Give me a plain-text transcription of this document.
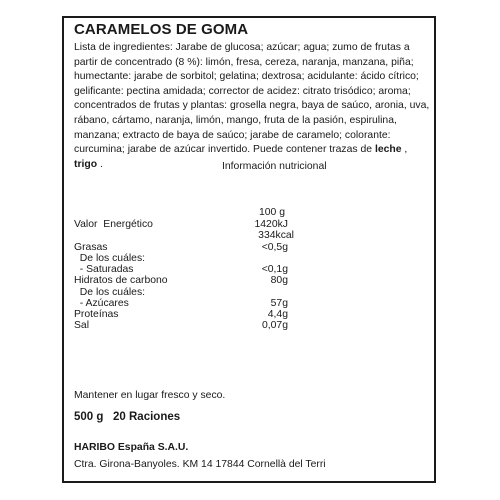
CARAMELOS DE GOMA
Lista de ingredientes: Jarabe de glucosa; azúcar; agua; zumo de frutas a partir de concentrado (8 %): limón, fresa, cereza, naranja, manzana, piña; humectante: jarabe de sorbitol; gelatina; dextrosa; acidulante: ácido cítrico; gelificante: pectina amidada; corrector de acidez: citrato trisódico; aroma; concentrados de frutas y plantas: grosella negra, baya de saúco, aronia, uva, rábano, cártamo, naranja, limón, mango, fruta de la pasión, espirulina, manzana; extracto de baya de saúco; jarabe de caramelo; colorante: curcumina; jarabe de azúcar invertido. Puede contener trazas de leche , trigo .	Información nutricional
100 g
Valor  Energético	1420kJ
334kcal
Grasas	<0,5g
De los cuáles:
- Saturadas	<0,1g
Hidratos de carbono	80g
De los cuáles:
- Azúcares	57g
Proteínas	4,4g
Sal	0,07g
Mantener en lugar fresco y seco.
500 g 20 Raciones
HARIBO España S.A.U.
Ctra. Girona-Banyoles. KM 14 17844 Cornellà del Terri
